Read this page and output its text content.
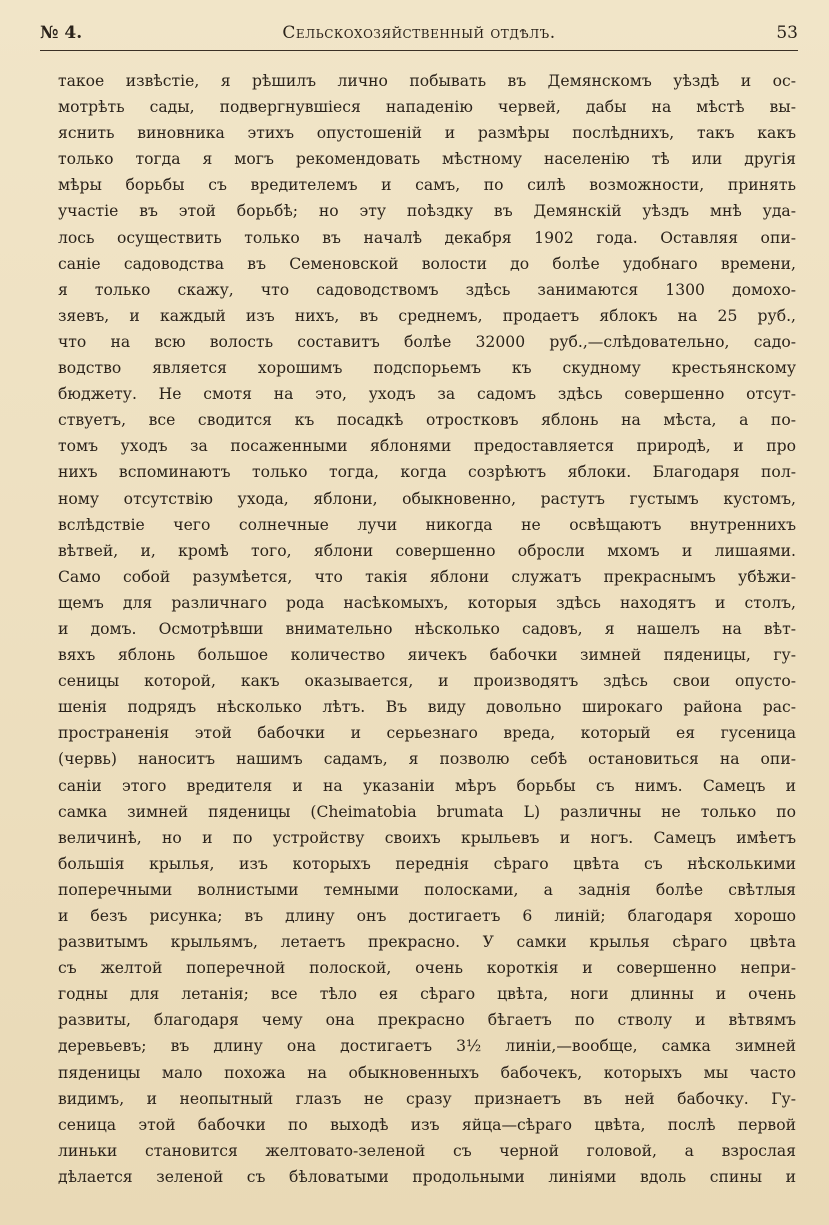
№ 4.	Сельскохозяйственный отдѣлъ.	53
такое извѣстіе, я рѣшилъ лично побывать въ Демянскомъ уѣздѣ и ос-
мотрѣть сады, подвергнувшіеся нападенію червей, дабы на мѣстѣ вы-
яснить виновника этихъ опустошеній и размѣры послѣднихъ, такъ какъ
только тогда я могъ рекомендовать мѣстному населенію тѣ или другія
мѣры борьбы съ вредителемъ и самъ, по силѣ возможности, принять
участіе въ этой борьбѣ; но эту поѣздку въ Демянскій уѣздъ мнѣ уда-
лось осуществить только въ началѣ декабря 1902 года. Оставляя опи-
саніе садоводства въ Семеновской волости до болѣе удобнаго времени,
я только скажу, что садоводствомъ здѣсь занимаются 1300 домохо-
зяевъ, и каждый изъ нихъ, въ среднемъ, продаетъ яблокъ на 25 руб.,
что на всю волость составитъ болѣе 32000 руб.,—слѣдовательно, садо-
водство является хорошимъ подспорьемъ къ скудному крестьянскому
бюджету. Не смотя на это, уходъ за садомъ здѣсь совершенно отсут-
ствуетъ, все сводится къ посадкѣ отростковъ яблонь на мѣста, а по-
томъ уходъ за посаженными яблонями предоставляется природѣ, и про
нихъ вспоминаютъ только тогда, когда созрѣютъ яблоки. Благодаря пол-
ному отсутствію ухода, яблони, обыкновенно, растутъ густымъ кустомъ,
вслѣдствіе чего солнечные лучи никогда не освѣщаютъ внутреннихъ
вѣтвей, и, кромѣ того, яблони совершенно обросли мхомъ и лишаями.
Само собой разумѣется, что такія яблони служатъ прекраснымъ убѣжи-
щемъ для различнаго рода насѣкомыхъ, которыя здѣсь находятъ и столъ,
и домъ. Осмотрѣвши внимательно нѣсколько садовъ, я нашелъ на вѣт-
вяхъ яблонь большое количество яичекъ бабочки зимней пяденицы, гу-
сеницы которой, какъ оказывается, и производятъ здѣсь свои опусто-
шенія подрядъ нѣсколько лѣтъ. Въ виду довольно широкаго района рас-
пространенія этой бабочки и серьезнаго вреда, который ея гусеница
(червь) наноситъ нашимъ садамъ, я позволю себѣ остановиться на опи-
саніи этого вредителя и на указаніи мѣръ борьбы съ нимъ. Самецъ и
самка зимней пяденицы (Cheimatobia brumata L) различны не только по
величинѣ, но и по устройству своихъ крыльевъ и ногъ. Самецъ имѣетъ
большія крылья, изъ которыхъ переднія сѣраго цвѣта съ нѣсколькими
поперечными волнистыми темными полосками, а заднія болѣе свѣтлыя
и безъ рисунка; въ длину онъ достигаетъ 6 линій; благодаря хорошо
развитымъ крыльямъ, летаетъ прекрасно. У самки крылья сѣраго цвѣта
съ желтой поперечной полоской, очень короткія и совершенно непри-
годны для летанія; все тѣло ея сѣраго цвѣта, ноги длинны и очень
развиты, благодаря чему она прекрасно бѣгаетъ по стволу и вѣтвямъ
деревьевъ; въ длину она достигаетъ 3½ линіи,—вообще, самка зимней
пяденицы мало похожа на обыкновенныхъ бабочекъ, которыхъ мы часто
видимъ, и неопытный глазъ не сразу признаетъ въ ней бабочку. Гу-
сеница этой бабочки по выходѣ изъ яйца—сѣраго цвѣта, послѣ первой
линьки становится желтовато-зеленой съ черной головой, а взрослая
дѣлается зеленой съ бѣловатыми продольными линіями вдоль спины и
